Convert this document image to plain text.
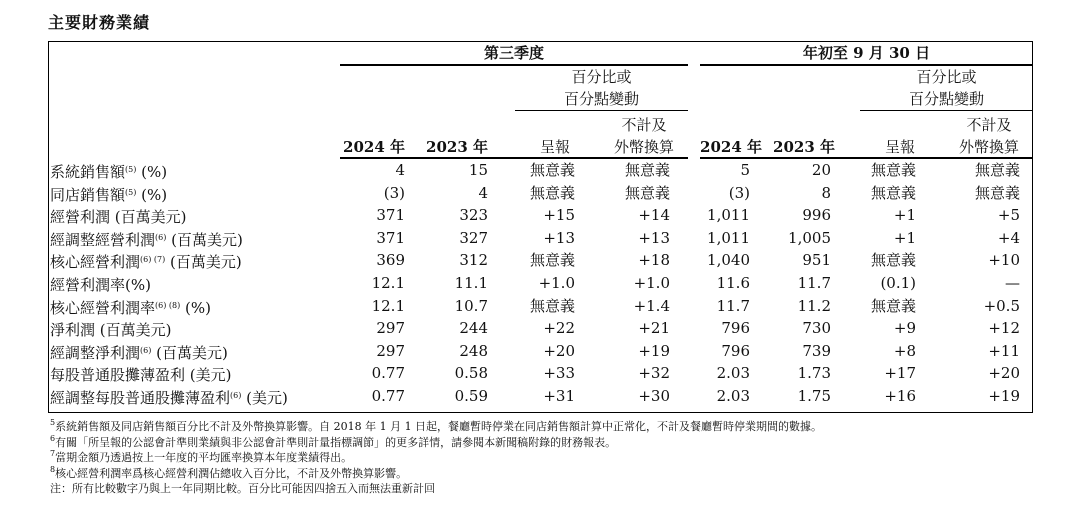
主要財務業績
第三季度	年初至 9 月 30 日
百分比或
百分點變動
百分比或
百分點變動
不計及	不計及
2024 年	2023 年	呈報	外幣換算	2024 年 2023 年	呈報	外幣換算
系統銷售額$^{(5)}$ (%)	4	15	無意義	無意義	5	20	無意義	無意義
同店銷售額$^{(5)}$ (%)	(3)	4	無意義	無意義	(3)	8	無意義	無意義
經營利潤 (百萬美元)	371	323	+15	+14	1,011	996	+1	+5
經調整經營利潤$^{(6)}$ (百萬美元)	371	327	+13	+13	1,011	1,005	+1	+4
核心經營利潤$^{(6) (7)}$ (百萬美元)	369	312	無意義	+18	1,040	951	無意義	+10
經營利潤率(%)	12.1	11.1	+1.0	+1.0	11.6	11.7	(0.1)	—
核心經營利潤率$^{(6) (8)}$ (%)	12.1	10.7	無意義	+1.4	11.7	11.2	無意義	+0.5
淨利潤 (百萬美元)	297	244	+22	+21	796	730	+9	+12
經調整淨利潤$^{(6)}$ (百萬美元)	297	248	+20	+19	796	739	+8	+11
每股普通股攤薄盈利 (美元)	0.77	0.58	+33	+32	2.03	1.73	+17	+20
經調整每股普通股攤薄盈利$^{(6)}$ (美元)	0.77	0.59	+31	+30	2.03	1.75	+16	+19
$^5$系統銷售額及同店銷售額百分比不計及外幣換算影響。自 2018 年 1 月 1 日起，餐廳暫時停業在同店銷售額計算中正常化，不計及餐廳暫時停業期間的數據。
$^6$有關「所呈報的公認會計準則業績與非公認會計準則計量指標調節」的更多詳情，請參閱本新聞稿附錄的財務報表。
$^7$當期金額乃透過按上一年度的平均匯率換算本年度業績得出。
$^8$核心經營利潤率爲核心經營利潤佔總收入百分比，不計及外幣換算影響。
注：所有比較數字乃與上一年同期比較。百分比可能因四捨五入而無法重新計回
